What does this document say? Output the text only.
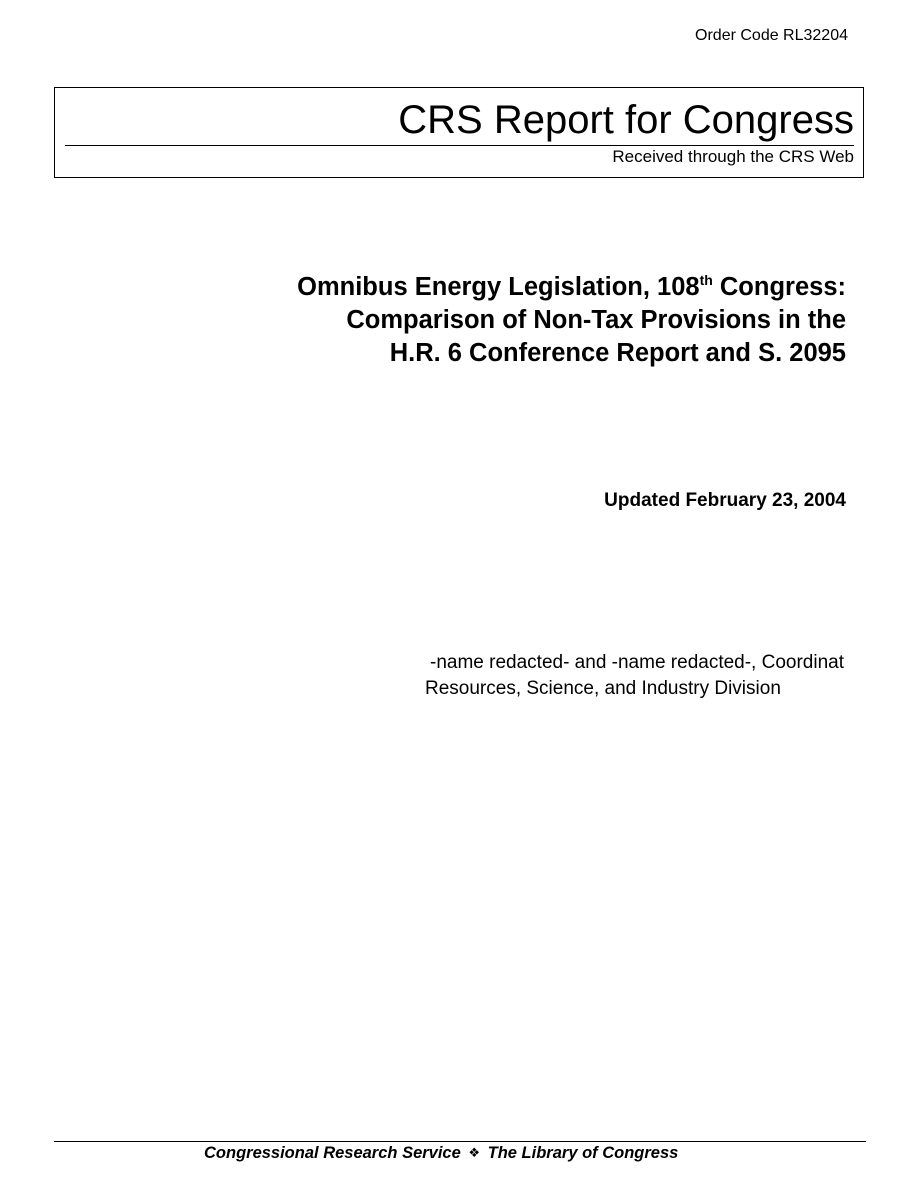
Order Code RL32204
CRS Report for Congress
Received through the CRS Web
Omnibus Energy Legislation, 108th Congress:
Comparison of Non-Tax Provisions in the
H.R. 6 Conference Report and S. 2095
Updated February 23, 2004
-name redacted- and -name redacted-, Coordinat
Resources, Science, and Industry Division
Congressional Research Service ❖ The Library of Congress
